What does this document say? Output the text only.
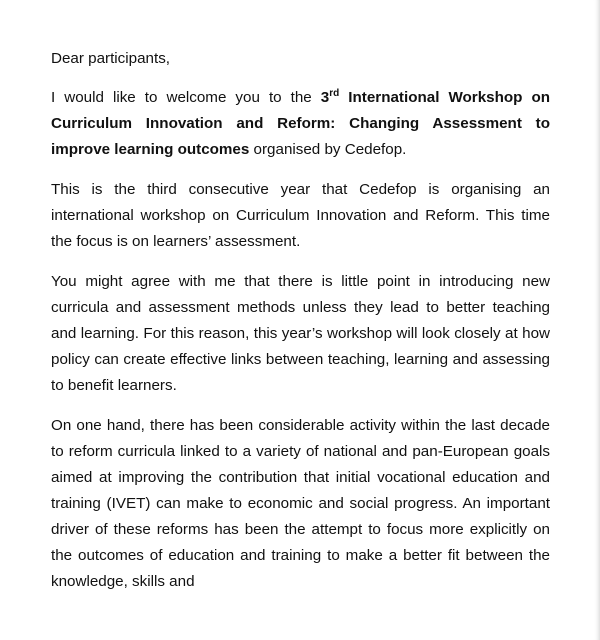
Dear participants,

I would like to welcome you to the 3rd International Workshop on Curriculum Innovation and Reform: Changing Assessment to improve learning outcomes organised by Cedefop.

This is the third consecutive year that Cedefop is organising an international workshop on Curriculum Innovation and Reform. This time the focus is on learners’ assessment.

You might agree with me that there is little point in introducing new curricula and assessment methods unless they lead to better teaching and learning. For this reason, this year’s workshop will look closely at how policy can create effective links between teaching, learning and assessing to benefit learners.

On one hand, there has been considerable activity within the last decade to reform curricula linked to a variety of national and pan-European goals aimed at improving the contribution that initial vocational education and training (IVET) can make to economic and social progress. An important driver of these reforms has been the attempt to focus more explicitly on the outcomes of education and training to make a better fit between the knowledge, skills and
